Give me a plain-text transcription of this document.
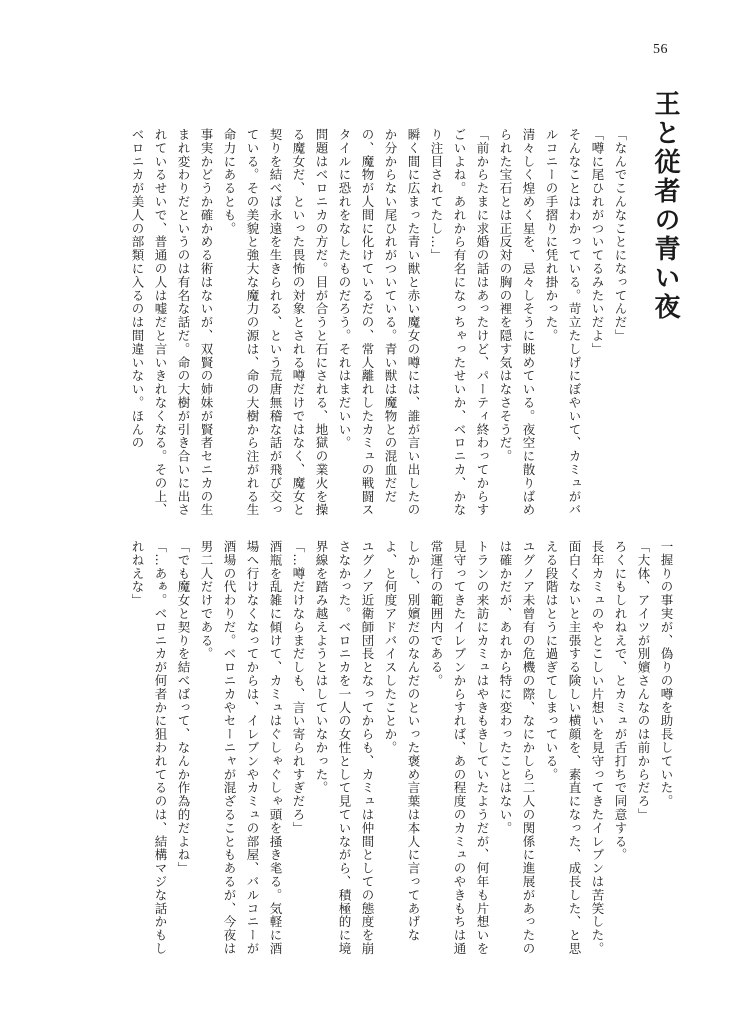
56
王と従者の青い夜

「なんでこんなことになってんだ」

「噂に尾ひれがついてるみたいだよ」

そんなことはわかっている。苛立たしげにぼやいて、カミュがバルコニーの手摺りに凭れ掛かった。

清々しく煌めく星を、忌々しそうに眺めている。夜空に散りばめられた宝石とは正反対の胸の裡を隠す気はなさそうだ。

「前からたまに求婚の話はあったけど、パーティ終わってからすごいよね。あれから有名になっちゃったせいか、ベロニカ、かなり注目されてたし…」

瞬く間に広まった青い獣と赤い魔女の噂には、誰が言い出したのか分からない尾ひれがついている。青い獣は魔物との混血だだの、魔物が人間に化けているだの、常人離れしたカミュの戦闘スタイルに恐れをなしたものだろう。それはまだいい。

問題はベロニカの方だ。目が合うと石にされる、地獄の業火を操る魔女だ、といった畏怖の対象とされる噂だけではなく、魔女と契りを結べば永遠を生きられる、という荒唐無稽な話が飛び交っている。その美貌と強大な魔力の源は、命の大樹から注がれる生命力にあるとも。

事実かどうか確かめる術はないが、双賢の姉妹が賢者セニカの生まれ変わりだというのは有名な話だ。命の大樹が引き合いに出されているせいで、普通の人は嘘だと言いきれなくなる。その上、ベロニカが美人の部類に入るのは間違いない。ほんの

一握りの事実が、偽りの噂を助長していた。

「大体、アイツが別嬪さんなのは前からだろ」

ろくにもしれねえで、とカミュが舌打ちで同意する。

長年カミュのやとこしい片想いを見守ってきたイレブンは苦笑した。面白くないと主張する険しい横顔を、素直になった、成長した、と思える段階はとうに過ぎてしまっている。

ユグノア未曾有の危機の際、なにかしら二人の関係に進展があったのは確かだが、あれから特に変わったことはない。

トランの来訪にカミュはやきもきしていたようだが、何年も片想いを見守ってきたイレブンからすれば、あの程度のカミュのやきもちは通常運行の範囲内である。

しかし、別嬪だのなんだのといった褒め言葉は本人に言ってあげなよ、と何度アドバイスしたことか。

ユグノア近衛師団長となってからも、カミュは仲間としての態度を崩さなかった。ベロニカを一人の女性として見ていながら、積極的に境界線を踏み越えようとはしていなかった。

「…噂だけならまだしも、言い寄られすぎだろ」

酒瓶を乱雑に傾けて、カミュはぐしゃぐしゃ頭を掻き毟る。気軽に酒場へ行けなくなってからは、イレブンやカミュの部屋、バルコニーが酒場の代わりだ。ベロニカやセーニャが混ざることもあるが、今夜は男二人だけである。

「でも魔女と契りを結べばって、なんか作為的だよね」

「…あぁ。ベロニカが何者かに狙われてるのは、結構マジな話かもしれねえな」
